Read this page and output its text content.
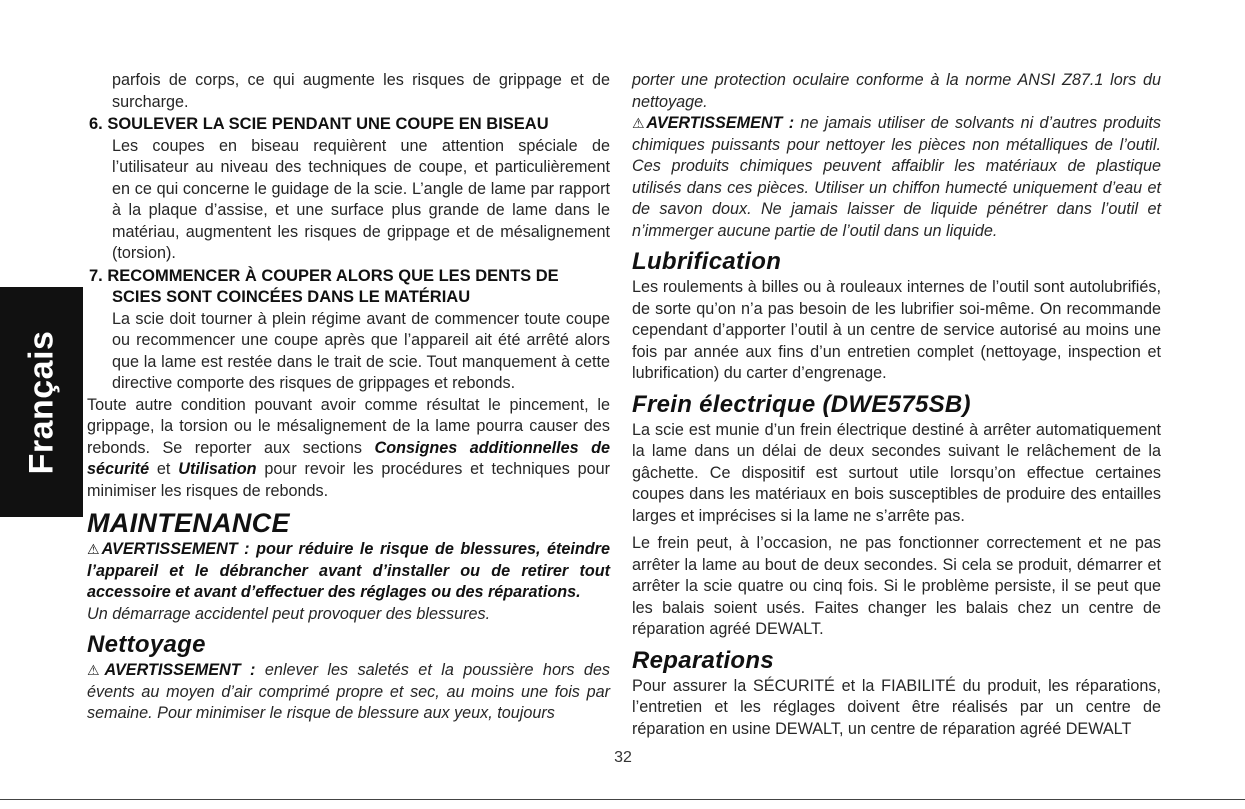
Français

parfois de corps, ce qui augmente les risques de grippage et de surcharge.

6. SOULEVER LA SCIE PENDANT UNE COUPE EN BISEAU

Les coupes en biseau requièrent une attention spéciale de l’utilisateur au niveau des techniques de coupe, et particulièrement en ce qui concerne le guidage de la scie. L’angle de lame par rapport à la plaque d’assise, et une surface plus grande de lame dans le matériau, augmentent les risques de grippage et de mésalignement (torsion).

7. RECOMMENCER À COUPER ALORS QUE LES DENTS DE SCIES SONT COINCÉES DANS LE MATÉRIAU

La scie doit tourner à plein régime avant de commencer toute coupe ou recommencer une coupe après que l’appareil ait été arrêté alors que la lame est restée dans le trait de scie. Tout manquement à cette directive comporte des risques de grippages et rebonds.

Toute autre condition pouvant avoir comme résultat le pincement, le grippage, la torsion ou le mésalignement de la lame pourra causer des rebonds. Se reporter aux sections Consignes additionnelles de sécurité et Utilisation pour revoir les procédures et techniques pour minimiser les risques de rebonds.

MAINTENANCE

⚠AVERTISSEMENT : pour réduire le risque de blessures, éteindre l’appareil et le débrancher avant d’installer ou de retirer tout accessoire et avant d’effectuer des réglages ou des réparations.

Un démarrage accidentel peut provoquer des blessures.

Nettoyage

⚠AVERTISSEMENT : enlever les saletés et la poussière hors des évents au moyen d’air comprimé propre et sec, au moins une fois par semaine. Pour minimiser le risque de blessure aux yeux, toujours

porter une protection oculaire conforme à la norme ANSI Z87.1 lors du nettoyage.

⚠AVERTISSEMENT : ne jamais utiliser de solvants ni d’autres produits chimiques puissants pour nettoyer les pièces non métalliques de l’outil. Ces produits chimiques peuvent affaiblir les matériaux de plastique utilisés dans ces pièces. Utiliser un chiffon humecté uniquement d’eau et de savon doux. Ne jamais laisser de liquide pénétrer dans l’outil et n’immerger aucune partie de l’outil dans un liquide.

Lubrification

Les roulements à billes ou à rouleaux internes de l’outil sont autolubrifiés, de sorte qu’on n’a pas besoin de les lubrifier soi-même. On recommande cependant d’apporter l’outil à un centre de service autorisé au moins une fois par année aux fins d’un entretien complet (nettoyage, inspection et lubrification) du carter d’engrenage.

Frein électrique (DWE575SB)

La scie est munie d’un frein électrique destiné à arrêter automatiquement la lame dans un délai de deux secondes suivant le relâchement de la gâchette. Ce dispositif est surtout utile lorsqu’on effectue certaines coupes dans les matériaux en bois susceptibles de produire des entailles larges et imprécises si la lame ne s’arrête pas.

Le frein peut, à l’occasion, ne pas fonctionner correctement et ne pas arrêter la lame au bout de deux secondes. Si cela se produit, démarrer et arrêter la scie quatre ou cinq fois. Si le problème persiste, il se peut que les balais soient usés. Faites changer les balais chez un centre de réparation agréé DEWALT.

Reparations

Pour assurer la SÉCURITÉ et la FIABILITÉ du produit, les réparations, l’entretien et les réglages doivent être réalisés par un centre de réparation en usine DEWALT, un centre de réparation agréé DEWALT

32
